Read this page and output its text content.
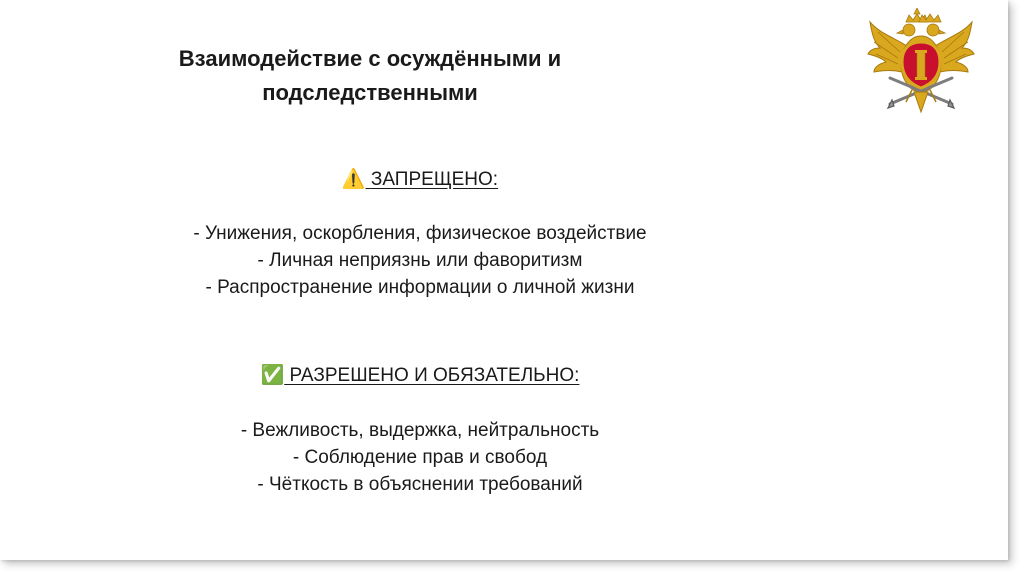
Взаимодействие с осуждёнными и
подследственными
⚠️ ЗАПРЕЩЕНО:
- Унижения, оскорбления, физическое воздействие
- Личная неприязнь или фаворитизм
- Распространение информации о личной жизни
✅ РАЗРЕШЕНО И ОБЯЗАТЕЛЬНО:
- Вежливость, выдержка, нейтральность
- Соблюдение прав и свобод
- Чёткость в объяснении требований
